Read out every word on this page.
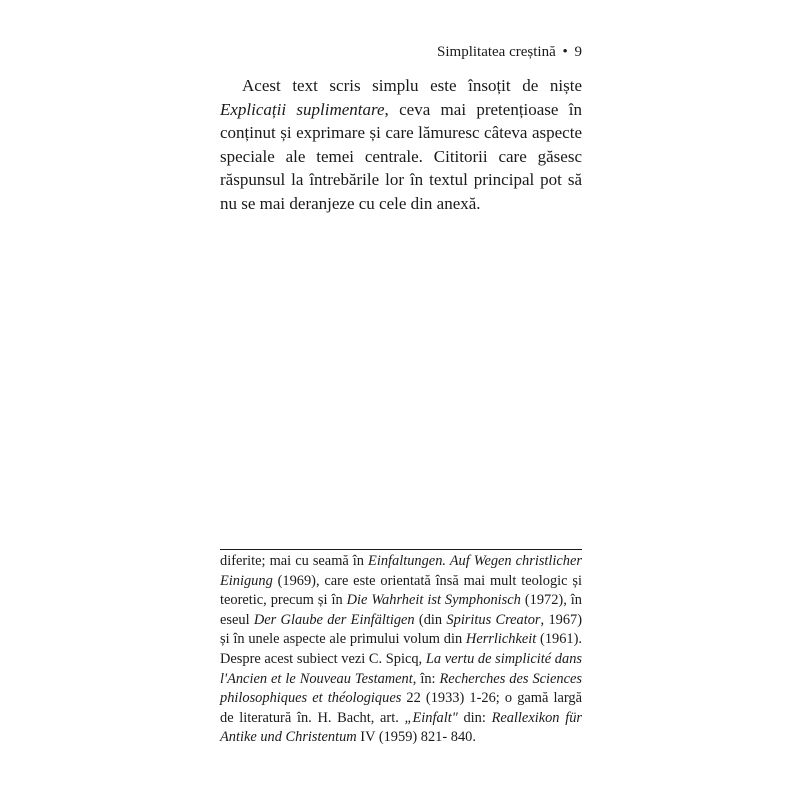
Simplitatea creștină • 9

Acest text scris simplu este însoțit de niște Explicații suplimentare, ceva mai pretențioase în conținut și exprimare și care lămuresc câteva aspecte speciale ale temei centrale. Cititorii care găsesc răspunsul la întrebările lor în textul principal pot să nu se mai deranjeze cu cele din anexă.

diferite; mai cu seamă în Einfaltungen. Auf Wegen christlicher Einigung (1969), care este orientată însă mai mult teologic și teoretic, precum și în Die Wahrheit ist Symphonisch (1972), în eseul Der Glaube der Einfältigen (din Spiritus Creator, 1967) și în unele aspecte ale primului volum din Herrlichkeit (1961). Despre acest subiect vezi C. Spicq, La vertu de simplicité dans l'Ancien et le Nouveau Testament, în: Recherches des Sciences philosophiques et théologiques 22 (1933) 1-26; o gamă largă de literatură în. H. Bacht, art. „Einfalt" din: Reallexikon für Antike und Christentum IV (1959) 821- 840.
